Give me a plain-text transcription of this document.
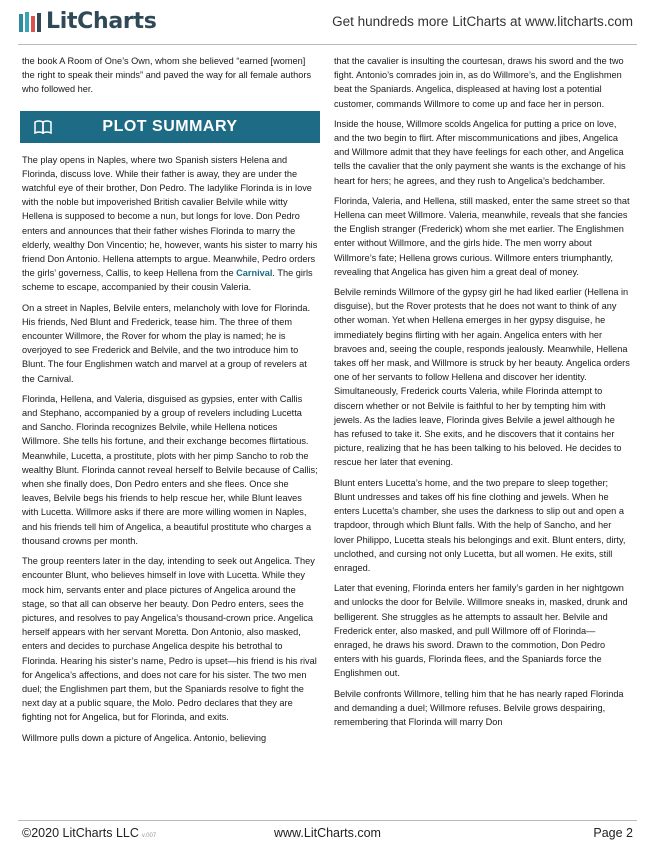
LitCharts	Get hundreds more LitCharts at www.litcharts.com

the book A Room of One’s Own, whom she believed “earned [women] the right to speak their minds” and paved the way for all female authors who followed her.

PLOT SUMMARY

The play opens in Naples, where two Spanish sisters Helena and Florinda, discuss love. While their father is away, they are under the watchful eye of their brother, Don Pedro. The ladylike Florinda is in love with the noble but impoverished British cavalier Belvile while witty Hellena is supposed to become a nun, but longs for love. Don Pedro enters and announces that their father wishes Florinda to marry the elderly, wealthy Don Vincentio; he, however, wants his sister to marry his friend Don Antonio. Hellena attempts to argue. Meanwhile, Pedro orders the girls’ governess, Callis, to keep Hellena from the Carnival. The girls scheme to escape, accompanied by their cousin Valeria.

On a street in Naples, Belvile enters, melancholy with love for Florinda. His friends, Ned Blunt and Frederick, tease him. The three of them encounter Willmore, the Rover for whom the play is named; he is overjoyed to see Frederick and Belvile, and the two introduce him to Blunt. The four Englishmen watch and marvel at a group of revelers at the Carnival.

Florinda, Hellena, and Valeria, disguised as gypsies, enter with Callis and Stephano, accompanied by a group of revelers including Lucetta and Sancho. Florinda recognizes Belvile, while Hellena notices Willmore. She tells his fortune, and their exchange becomes flirtatious. Meanwhile, Lucetta, a prostitute, plots with her pimp Sancho to rob the wealthy Blunt. Florinda cannot reveal herself to Belvile because of Callis; when she finally does, Don Pedro enters and she flees. Once she leaves, Belvile begs his friends to help rescue her, while Blunt leaves with Lucetta. Willmore asks if there are more willing women in Naples, and his friends tell him of Angelica, a beautiful prostitute who charges a thousand crowns per month.

The group reenters later in the day, intending to seek out Angelica. They encounter Blunt, who believes himself in love with Lucetta. While they mock him, servants enter and place pictures of Angelica around the stage, so that all can observe her beauty. Don Pedro enters, sees the pictures, and resolves to pay Angelica’s thousand-crown price. Angelica herself appears with her servant Moretta. Don Antonio, also masked, enters and decides to purchase Angelica despite his betrothal to Florinda. Hearing his sister’s name, Pedro is upset—his friend is his rival for Angelica’s affections, and does not care for his sister. The two men duel; the Englishmen part them, but the Spaniards resolve to fight the next day at a public square, the Molo. Pedro declares that they are fighting not for Angelica, but for Florinda, and exits.

Willmore pulls down a picture of Angelica. Antonio, believing

that the cavalier is insulting the courtesan, draws his sword and the two fight. Antonio’s comrades join in, as do Willmore’s, and the Englishmen beat the Spaniards. Angelica, displeased at having lost a potential customer, commands Willmore to come up and face her in person.

Inside the house, Willmore scolds Angelica for putting a price on love, and the two begin to flirt. After miscommunications and jibes, Angelica and Willmore admit that they have feelings for each other, and Angelica tells the cavalier that the only payment she wants is the exchange of his heart for hers; he agrees, and they rush to Angelica’s bedchamber.

Florinda, Valeria, and Hellena, still masked, enter the same street so that Hellena can meet Willmore. Valeria, meanwhile, reveals that she fancies the English stranger (Frederick) whom she met earlier. The Englishmen enter without Willmore, and the girls hide. The men worry about Willmore’s fate; Hellena grows curious. Willmore enters triumphantly, revealing that Angelica has given him a great deal of money.

Belvile reminds Willmore of the gypsy girl he had liked earlier (Hellena in disguise), but the Rover protests that he does not want to think of any other woman. Yet when Hellena emerges in her gypsy disguise, he immediately begins flirting with her again. Angelica enters with her bravoes and, seeing the couple, responds jealously. Meanwhile, Hellena takes off her mask, and Willmore is struck by her beauty. Angelica orders one of her servants to follow Hellena and discover her identity. Simultaneously, Frederick courts Valeria, while Florinda attempt to discern whether or not Belvile is faithful to her by tempting him with jewels. As the ladies leave, Florinda gives Belvile a jewel although he has refused to take it. She exits, and he discovers that it contains her picture, realizing that he has been talking to his beloved. He decides to rescue her later that evening.

Blunt enters Lucetta’s home, and the two prepare to sleep together; Blunt undresses and takes off his fine clothing and jewels. When he enters Lucetta’s chamber, she uses the darkness to slip out and open a trapdoor, through which Blunt falls. With the help of Sancho, and her lover Philippo, Lucetta steals his belongings and exit. Blunt enters, dirty, unclothed, and cursing not only Lucetta, but all women. He exits, still enraged.

Later that evening, Florinda enters her family’s garden in her nightgown and unlocks the door for Belvile. Willmore sneaks in, masked, drunk and belligerent. She struggles as he attempts to assault her. Belvile and Frederick enter, also masked, and pull Willmore off of Florinda—enraged, he draws his sword. Drawn to the commotion, Don Pedro enters with his guards, Florinda flees, and the Spaniards force the Englishmen out.

Belvile confronts Willmore, telling him that he has nearly raped Florinda and demanding a duel; Willmore refuses. Belvile grows despairing, remembering that Florinda will marry Don

©2020 LitCharts LLC v.007	www.LitCharts.com	Page 2
